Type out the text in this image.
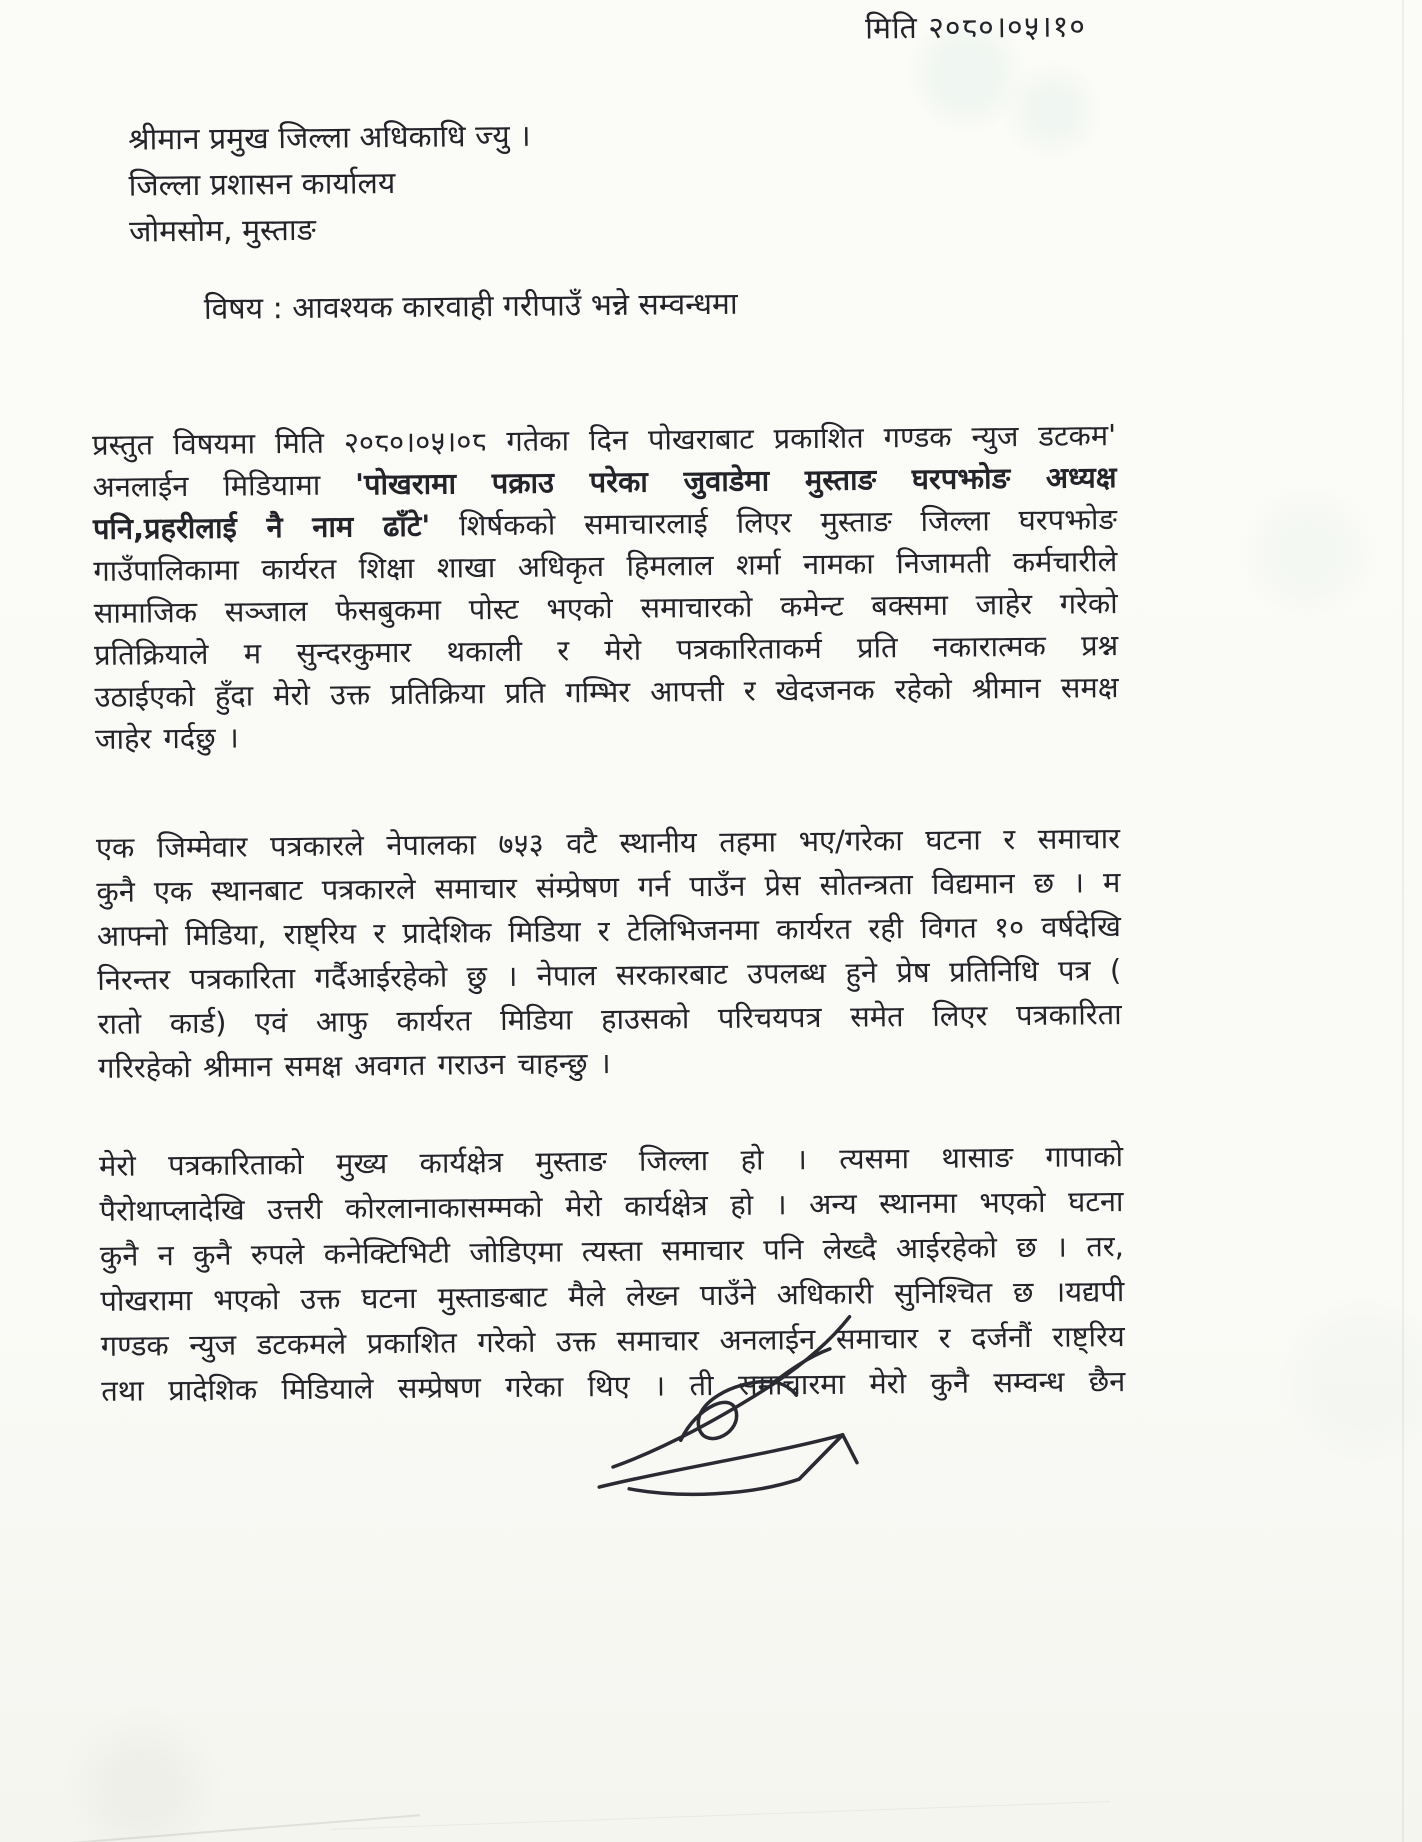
मिति २०८०।०५।१०
श्रीमान प्रमुख जिल्ला अधिकाधि ज्यु ।
जिल्ला प्रशासन कार्यालय
जोमसोम, मुस्ताङ
विषय : आवश्यक कारवाही गरीपाउँ भन्ने सम्वन्धमा
प्रस्तुत विषयमा मिति २०८०।०५।०८ गतेका दिन पोखराबाट प्रकाशित गण्डक न्युज डटकम'
अनलाईन मिडियामा 'पोखरामा पक्राउ परेका जुवाडेमा मुस्ताङ घरपझोङ अध्यक्ष
पनि,प्रहरीलाई नै नाम ढाँटे' शिर्षकको समाचारलाई लिएर मुस्ताङ जिल्ला घरपझोङ
गाउँपालिकामा कार्यरत शिक्षा शाखा अधिकृत हिमलाल शर्मा नामका निजामती कर्मचारीले
सामाजिक सञ्जाल फेसबुकमा पोस्ट भएको समाचारको कमेन्ट बक्समा जाहेर गरेको
प्रतिक्रियाले म सुन्दरकुमार थकाली र मेरो पत्रकारिताकर्म प्रति नकारात्मक प्रश्न
उठाईएको हुँदा मेरो उक्त प्रतिक्रिया प्रति गम्भिर आपत्ती र खेदजनक रहेको श्रीमान समक्ष
जाहेर गर्दछु ।
एक जिम्मेवार पत्रकारले नेपालका ७५३ वटै स्थानीय तहमा भए/गरेका घटना र समाचार
कुनै एक स्थानबाट पत्रकारले समाचार संम्प्रेषण गर्न पाउँन प्रेस सोतन्त्रता विद्यमान छ । म
आफ्नो मिडिया, राष्ट्रिय र प्रादेशिक मिडिया र टेलिभिजनमा कार्यरत रही विगत १० वर्षदेखि
निरन्तर पत्रकारिता गर्दैआईरहेको छु । नेपाल सरकारबाट उपलब्ध हुने प्रेष प्रतिनिधि पत्र (
रातो कार्ड) एवं आफु कार्यरत मिडिया हाउसको परिचयपत्र समेत लिएर पत्रकारिता
गरिरहेको श्रीमान समक्ष अवगत गराउन चाहन्छु ।
मेरो पत्रकारिताको मुख्य कार्यक्षेत्र मुस्ताङ जिल्ला हो । त्यसमा थासाङ गापाको
पैरोथाप्लादेखि उत्तरी कोरलानाकासम्मको मेरो कार्यक्षेत्र हो । अन्य स्थानमा भएको घटना
कुनै न कुनै रुपले कनेक्टिभिटी जोडिएमा त्यस्ता समाचार पनि लेख्दै आईरहेको छ । तर,
पोखरामा भएको उक्त घटना मुस्ताङबाट मैले लेख्न पाउँने अधिकारी सुनिश्चित छ ।यद्यपी
गण्डक न्युज डटकमले प्रकाशित गरेको उक्त समाचार अनलाईन समाचार र दर्जनौं राष्ट्रिय
तथा प्रादेशिक मिडियाले सम्प्रेषण गरेका थिए । ती समाचारमा मेरो कुनै सम्वन्ध छैन
